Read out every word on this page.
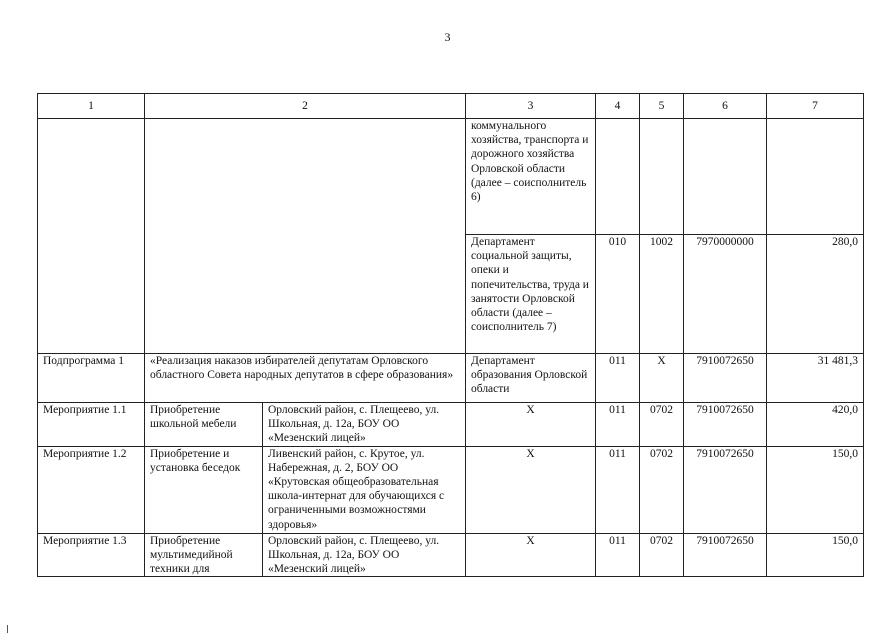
3
1	2		3	4	5	6	7
			коммунального хозяйства, транспорта и дорожного хозяйства Орловской области (далее – соисполнитель 6)				
			Департамент социальной защиты, опеки и попечительства, труда и занятости Орловской области (далее – соисполнитель 7)	010	1002	7970000000	280,0
Подпрограмма 1	«Реализация наказов избирателей депутатам Орловского областного Совета народных депутатов в сфере образования»		Департамент образования Орловской области	011	Х	7910072650	31 481,3
Мероприятие 1.1	Приобретение школьной мебели	Орловский район, с. Плещеево, ул. Школьная, д. 12а, БОУ ОО «Мезенский лицей»	Х	011	0702	7910072650	420,0
Мероприятие 1.2	Приобретение и установка беседок	Ливенский район, с. Крутое, ул. Набережная, д. 2, БОУ ОО «Крутовская общеобразовательная школа-интернат для обучающихся с ограниченными возможностями здоровья»	Х	011	0702	7910072650	150,0
Мероприятие 1.3	Приобретение мультимедийной техники для	Орловский район, с. Плещеево, ул. Школьная, д. 12а, БОУ ОО «Мезенский лицей»	Х	011	0702	7910072650	150,0
